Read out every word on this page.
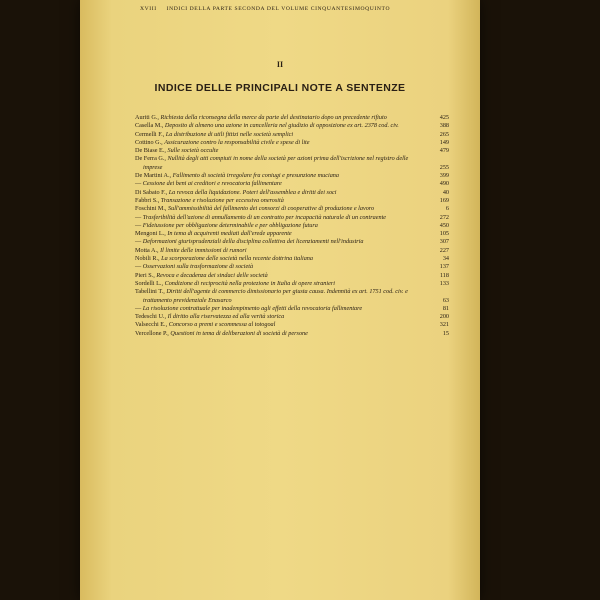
XVIII INDICI DELLA PARTE SECONDA DEL VOLUME CINQUANTESIMOQUINTO
II
INDICE DELLE PRINCIPALI NOTE A SENTENZE

Auriti G., Richiesta della riconsegna della merce da parte del destinatario dopo un precedente rifiuto	425

Casella M., Deposito di almeno una azione in cancelleria nel giudizio di opposizione ex art. 2378 cod. civ.	388

Cermelli F., La distribuzione di utili fittizi nelle società semplici	265

Cottino G., Assicurazione contro la responsabilità civile e spese di lite	149

De Biase E., Sulle società occulte	479

De Ferra G., Nullità degli atti compiuti in nome della società per azioni prima dell'iscrizione nel registro delle imprese	255

De Martini A., Fallimento di società irregolare fra coniugi e presunzione muciana	399

— Cessione dei beni ai creditori e revocatoria fallimentare	490

Di Sabato F., La revoca della liquidazione. Poteri dell'assemblea e diritti dei soci	40

Fabbri S., Transazione e risoluzione per eccessiva onerosità	169

Foschini M., Sull'ammissibilità del fallimento dei consorzi di cooperative di produzione e lavoro	6

— Trasferibilità dell'azione di annullamento di un contratto per incapacità naturale di un contraente	272

— Fideiussione per obbligazione determinabile e per obbligazione futura	450

Mengoni L., In tema di acquirenti mediati dall'erede apparente	105

— Deformazioni giurisprudenziali della disciplina collettiva dei licenziamenti nell'industria	307

Motta A., Il limite delle immissioni di rumori	227

Nobili R., La scorporazione delle società nella recente dottrina italiana	34

— Osservazioni sulla trasformazione di società	137

Pieri S., Revoca e decadenza dei sindaci delle società	118

Sordelli L., Condizione di reciprocità nella protezione in Italia di opere stranieri	133

Tabellini T., Diritti dell'agente di commercio dimissionario per giusta causa. Indennità ex art. 1751 cod. civ. e trattamento previdenziale Enasarco	63

— La risoluzione contrattuale per inadempimento agli effetti della revocatoria fallimentare	81

Tedeschi U., Il diritto alla riservatezza ed alla verità storica	200

Valsecchi E., Concorso a premi e scommessa al totogoal	321

Vercellone P., Questioni in tema di deliberazioni di società di persone	15
